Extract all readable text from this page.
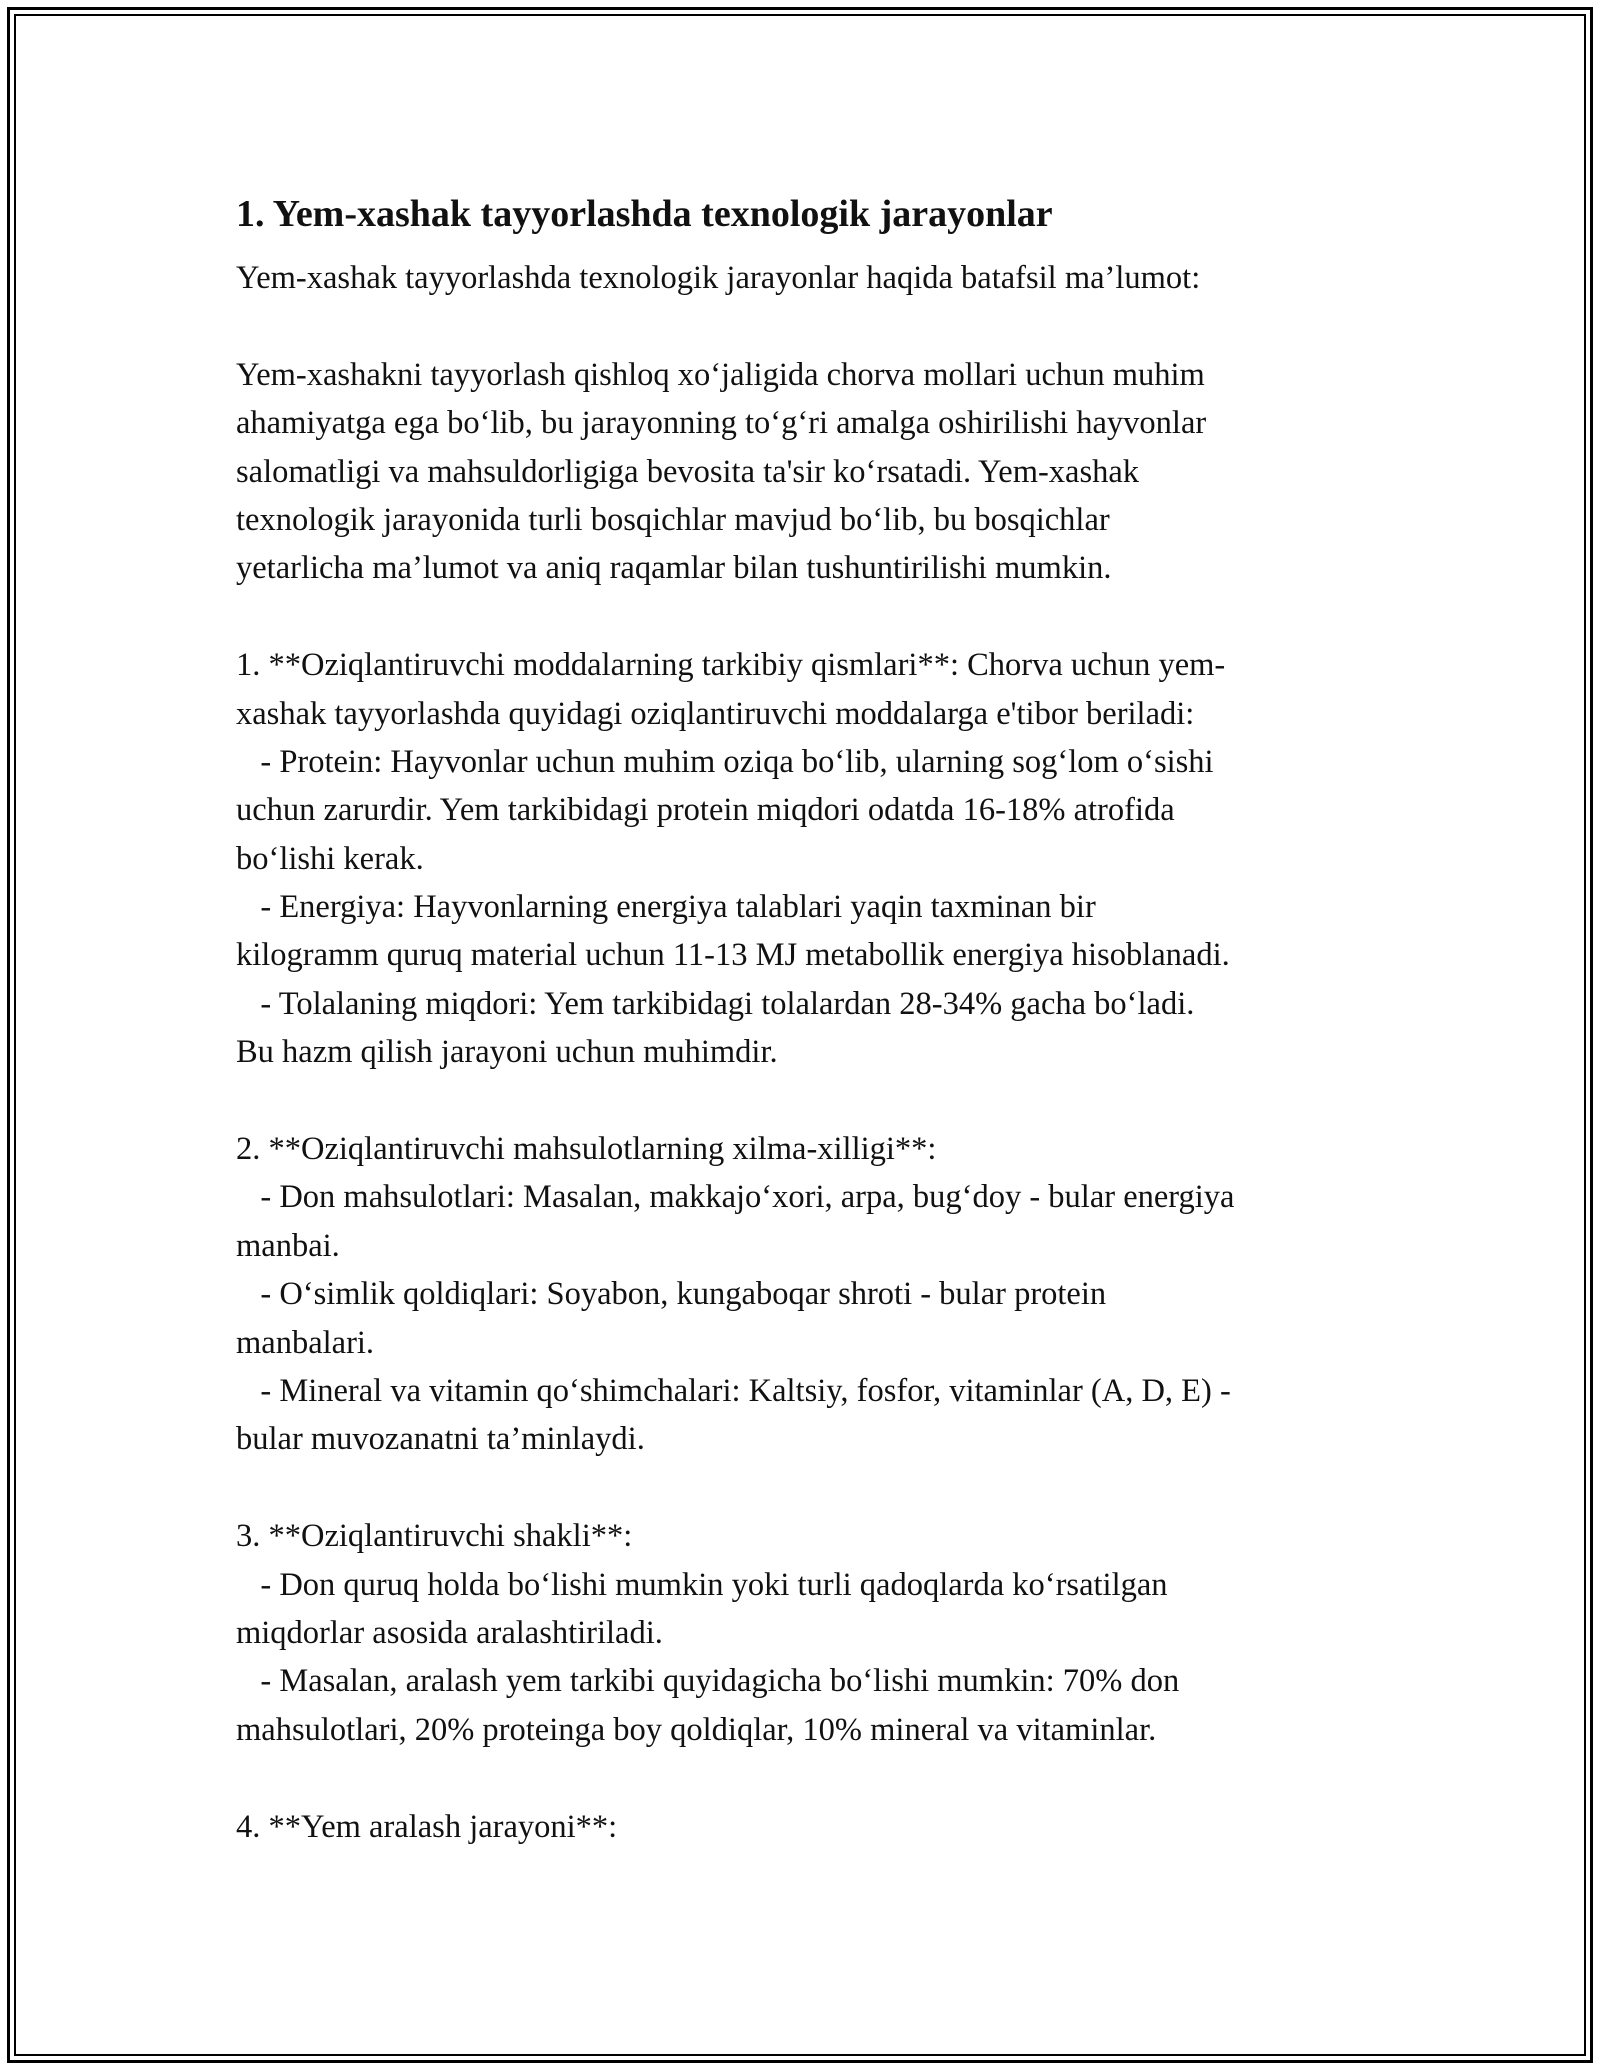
1. Yem-xashak tayyorlashda texnologik jarayonlar
Yem-xashak tayyorlashda texnologik jarayonlar haqida batafsil ma’lumot:
Yem-xashakni tayyorlash qishloq xo‘jaligida chorva mollari uchun muhim
ahamiyatga ega bo‘lib, bu jarayonning to‘g‘ri amalga oshirilishi hayvonlar
salomatligi va mahsuldorligiga bevosita ta'sir ko‘rsatadi. Yem-xashak
texnologik jarayonida turli bosqichlar mavjud bo‘lib, bu bosqichlar
yetarlicha ma’lumot va aniq raqamlar bilan tushuntirilishi mumkin.
1. **Oziqlantiruvchi moddalarning tarkibiy qismlari**: Chorva uchun yem-
xashak tayyorlashda quyidagi oziqlantiruvchi moddalarga e'tibor beriladi:
- Protein: Hayvonlar uchun muhim oziqa bo‘lib, ularning sog‘lom o‘sishi
uchun zarurdir. Yem tarkibidagi protein miqdori odatda 16-18% atrofida
bo‘lishi kerak.
- Energiya: Hayvonlarning energiya talablari yaqin taxminan bir
kilogramm quruq material uchun 11-13 MJ metabollik energiya hisoblanadi.
- Tolalaning miqdori: Yem tarkibidagi tolalardan 28-34% gacha bo‘ladi.
Bu hazm qilish jarayoni uchun muhimdir.
2. **Oziqlantiruvchi mahsulotlarning xilma-xilligi**:
- Don mahsulotlari: Masalan, makkajo‘xori, arpa, bug‘doy - bular energiya
manbai.
- O‘simlik qoldiqlari: Soyabon, kungaboqar shroti - bular protein
manbalari.
- Mineral va vitamin qo‘shimchalari: Kaltsiy, fosfor, vitaminlar (A, D, E) -
bular muvozanatni ta’minlaydi.
3. **Oziqlantiruvchi shakli**:
- Don quruq holda bo‘lishi mumkin yoki turli qadoqlarda ko‘rsatilgan
miqdorlar asosida aralashtiriladi.
- Masalan, aralash yem tarkibi quyidagicha bo‘lishi mumkin: 70% don
mahsulotlari, 20% proteinga boy qoldiqlar, 10% mineral va vitaminlar.
4. **Yem aralash jarayoni**:
